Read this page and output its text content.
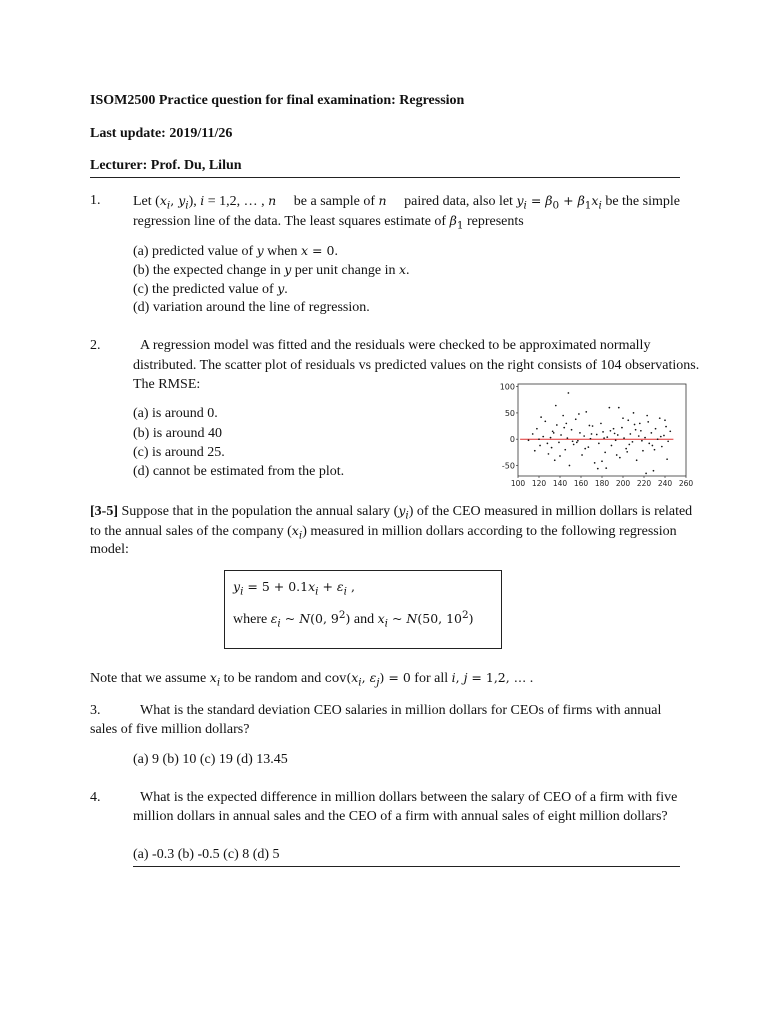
ISOM2500 Practice question for final examination: Regression
Last update: 2019/11/26
Lecturer: Prof. Du, Lilun
1. Let ($x_i$, $y_i$), i = 1,2, … , n be a sample of n paired data, also let $y_i = \beta_0 + \beta_1x_i$ be the simple
regression line of the data. The least squares estimate of $\beta_1$ represents
(a) predicted value of y when x = 0.
(b) the expected change in y per unit change in x.
(c) the predicted value of y.
(d) variation around the line of regression.
2.	A regression model was fitted and the residuals were checked to be approximated normally
distributed. The scatter plot of residuals vs predicted values on the right consists of 104 observations.
The RMSE:
(a) is around 0.
(b) is around 40
(c) is around 25.
(d) cannot be estimated from the plot.
100
50
0
-50
100 120 140 160 180 200 220 240 260
[3-5] Suppose that in the population the annual salary $(y_i)$ of the CEO measured in million dollars is related
to the annual sales of the company $(x_i)$ measured in million dollars according to the following regression
model:
$y_i = 5 + 0.1x_i + \varepsilon_i$ ,
where $\varepsilon_i$ ~ N(0, $9^2$) and $x_i$ ~ N(50, $10^2$)
Note that we assume $x_i$ to be random and $cov(x_i$, $\varepsilon_j) = 0$ for all i, j = 1,2, … .
3.	What is the standard deviation CEO salaries in million dollars for CEOs of firms with annual
sales of five million dollars?
(a) 9 (b) 10 (c) 19 (d) 13.45
4.	What is the expected difference in million dollars between the salary of CEO of a firm with five
million dollars in annual sales and the CEO of a firm with annual sales of eight million dollars?
(a) -0.3 (b) -0.5 (c) 8 (d) 5
